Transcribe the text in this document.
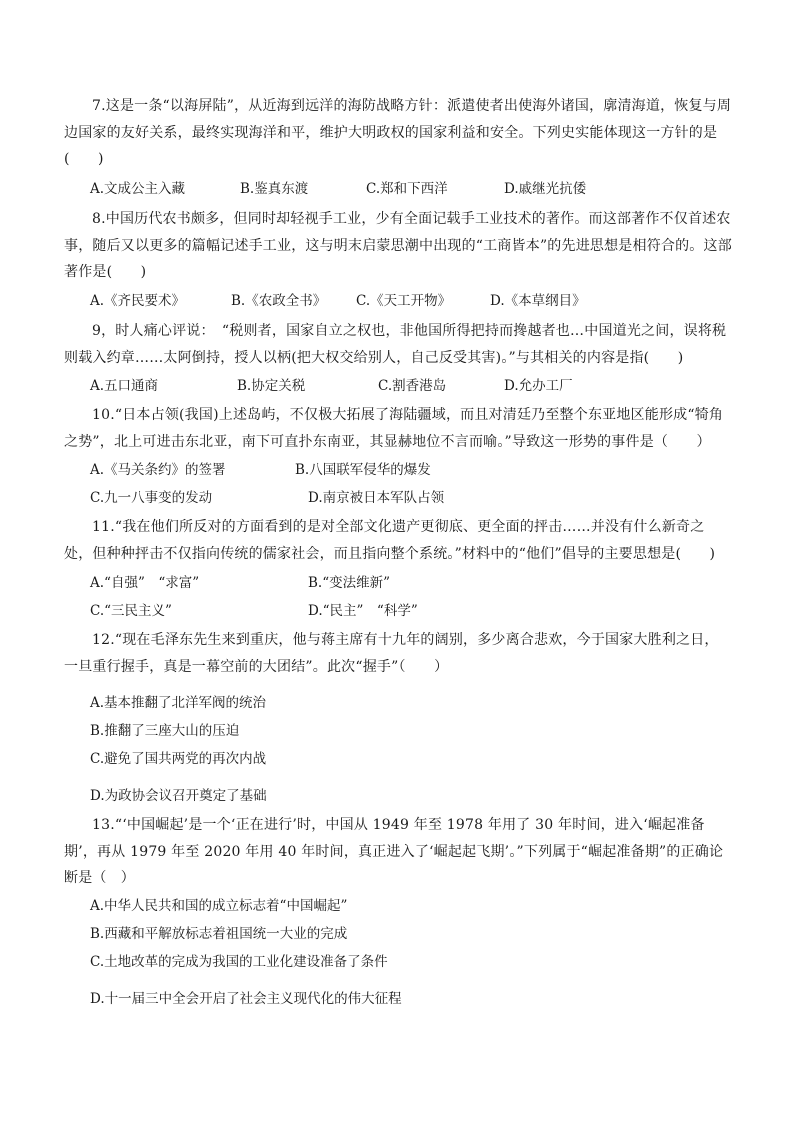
7.这是一条“以海屏陆”，从近海到远洋的海防战略方针：派遣使者出使海外诸国，廓清海道，恢复与周边国家的友好关系，最终实现海洋和平，维护大明政权的国家利益和安全。下列史实能体现这一方针的是(　　)

A.文成公主入藏	B.鉴真东渡	C.郑和下西洋	D.戚继光抗倭

8.中国历代农书颇多，但同时却轻视手工业，少有全面记载手工业技术的著作。而这部著作不仅首述农事，随后又以更多的篇幅记述手工业，这与明末启蒙思潮中出现的“工商皆本”的先进思想是相符合的。这部著作是(　　)

A.《齐民要术》	B.《农政全书》 C.《天工开物》	D.《本草纲目》

9，时人痛心评说：　“税则者，国家自立之权也，非他国所得把持而搀越者也…中国道光之间，误将税则载入约章……太阿倒持，授人以柄(把大权交给别人，自己反受其害)。”与其相关的内容是指(　　)

A.五口通商	B.协定关税	C.割香港岛	D.允办工厂

10.“日本占领(我国)上述岛屿，不仅极大拓展了海陆疆域，而且对清廷乃至整个东亚地区能形成“犄角之势”，北上可进击东北亚，南下可直扑东南亚，其显赫地位不言而喻。”导致这一形势的事件是（　　）

A.《马关条约》的签署	B.八国联军侵华的爆发
C.九一八事变的发动	D.南京被日本军队占领

11.“我在他们所反对的方面看到的是对全部文化遗产更彻底、更全面的抨击……并没有什么新奇之处，但种种抨击不仅指向传统的儒家社会，而且指向整个系统。”材料中的“他们”倡导的主要思想是(　　)

A.“自强”　“求富”	B.“变法维新”
C.“三民主义”	D.“民主”　“科学”

12.“现在毛泽东先生来到重庆，他与蒋主席有十九年的阔别，多少离合悲欢，今于国家大胜利之日，一旦重行握手，真是一幕空前的大团结”。此次“握手”（　　）

A.基本推翻了北洋军阀的统治
B.推翻了三座大山的压迫
C.避免了国共两党的再次内战
D.为政协会议召开奠定了基础

13.“‘中国崛起’是一个‘正在进行’时，中国从 1949 年至 1978 年用了 30 年时间，进入‘崛起准备期’，再从 1979 年至 2020 年用 40 年时间，真正进入了‘崛起起飞期’。”下列属于“崛起准备期”的正确论断是（　）

A.中华人民共和国的成立标志着“中国崛起”
B.西藏和平解放标志着祖国统一大业的完成
C.土地改革的完成为我国的工业化建设准备了条件
D.十一届三中全会开启了社会主义现代化的伟大征程
